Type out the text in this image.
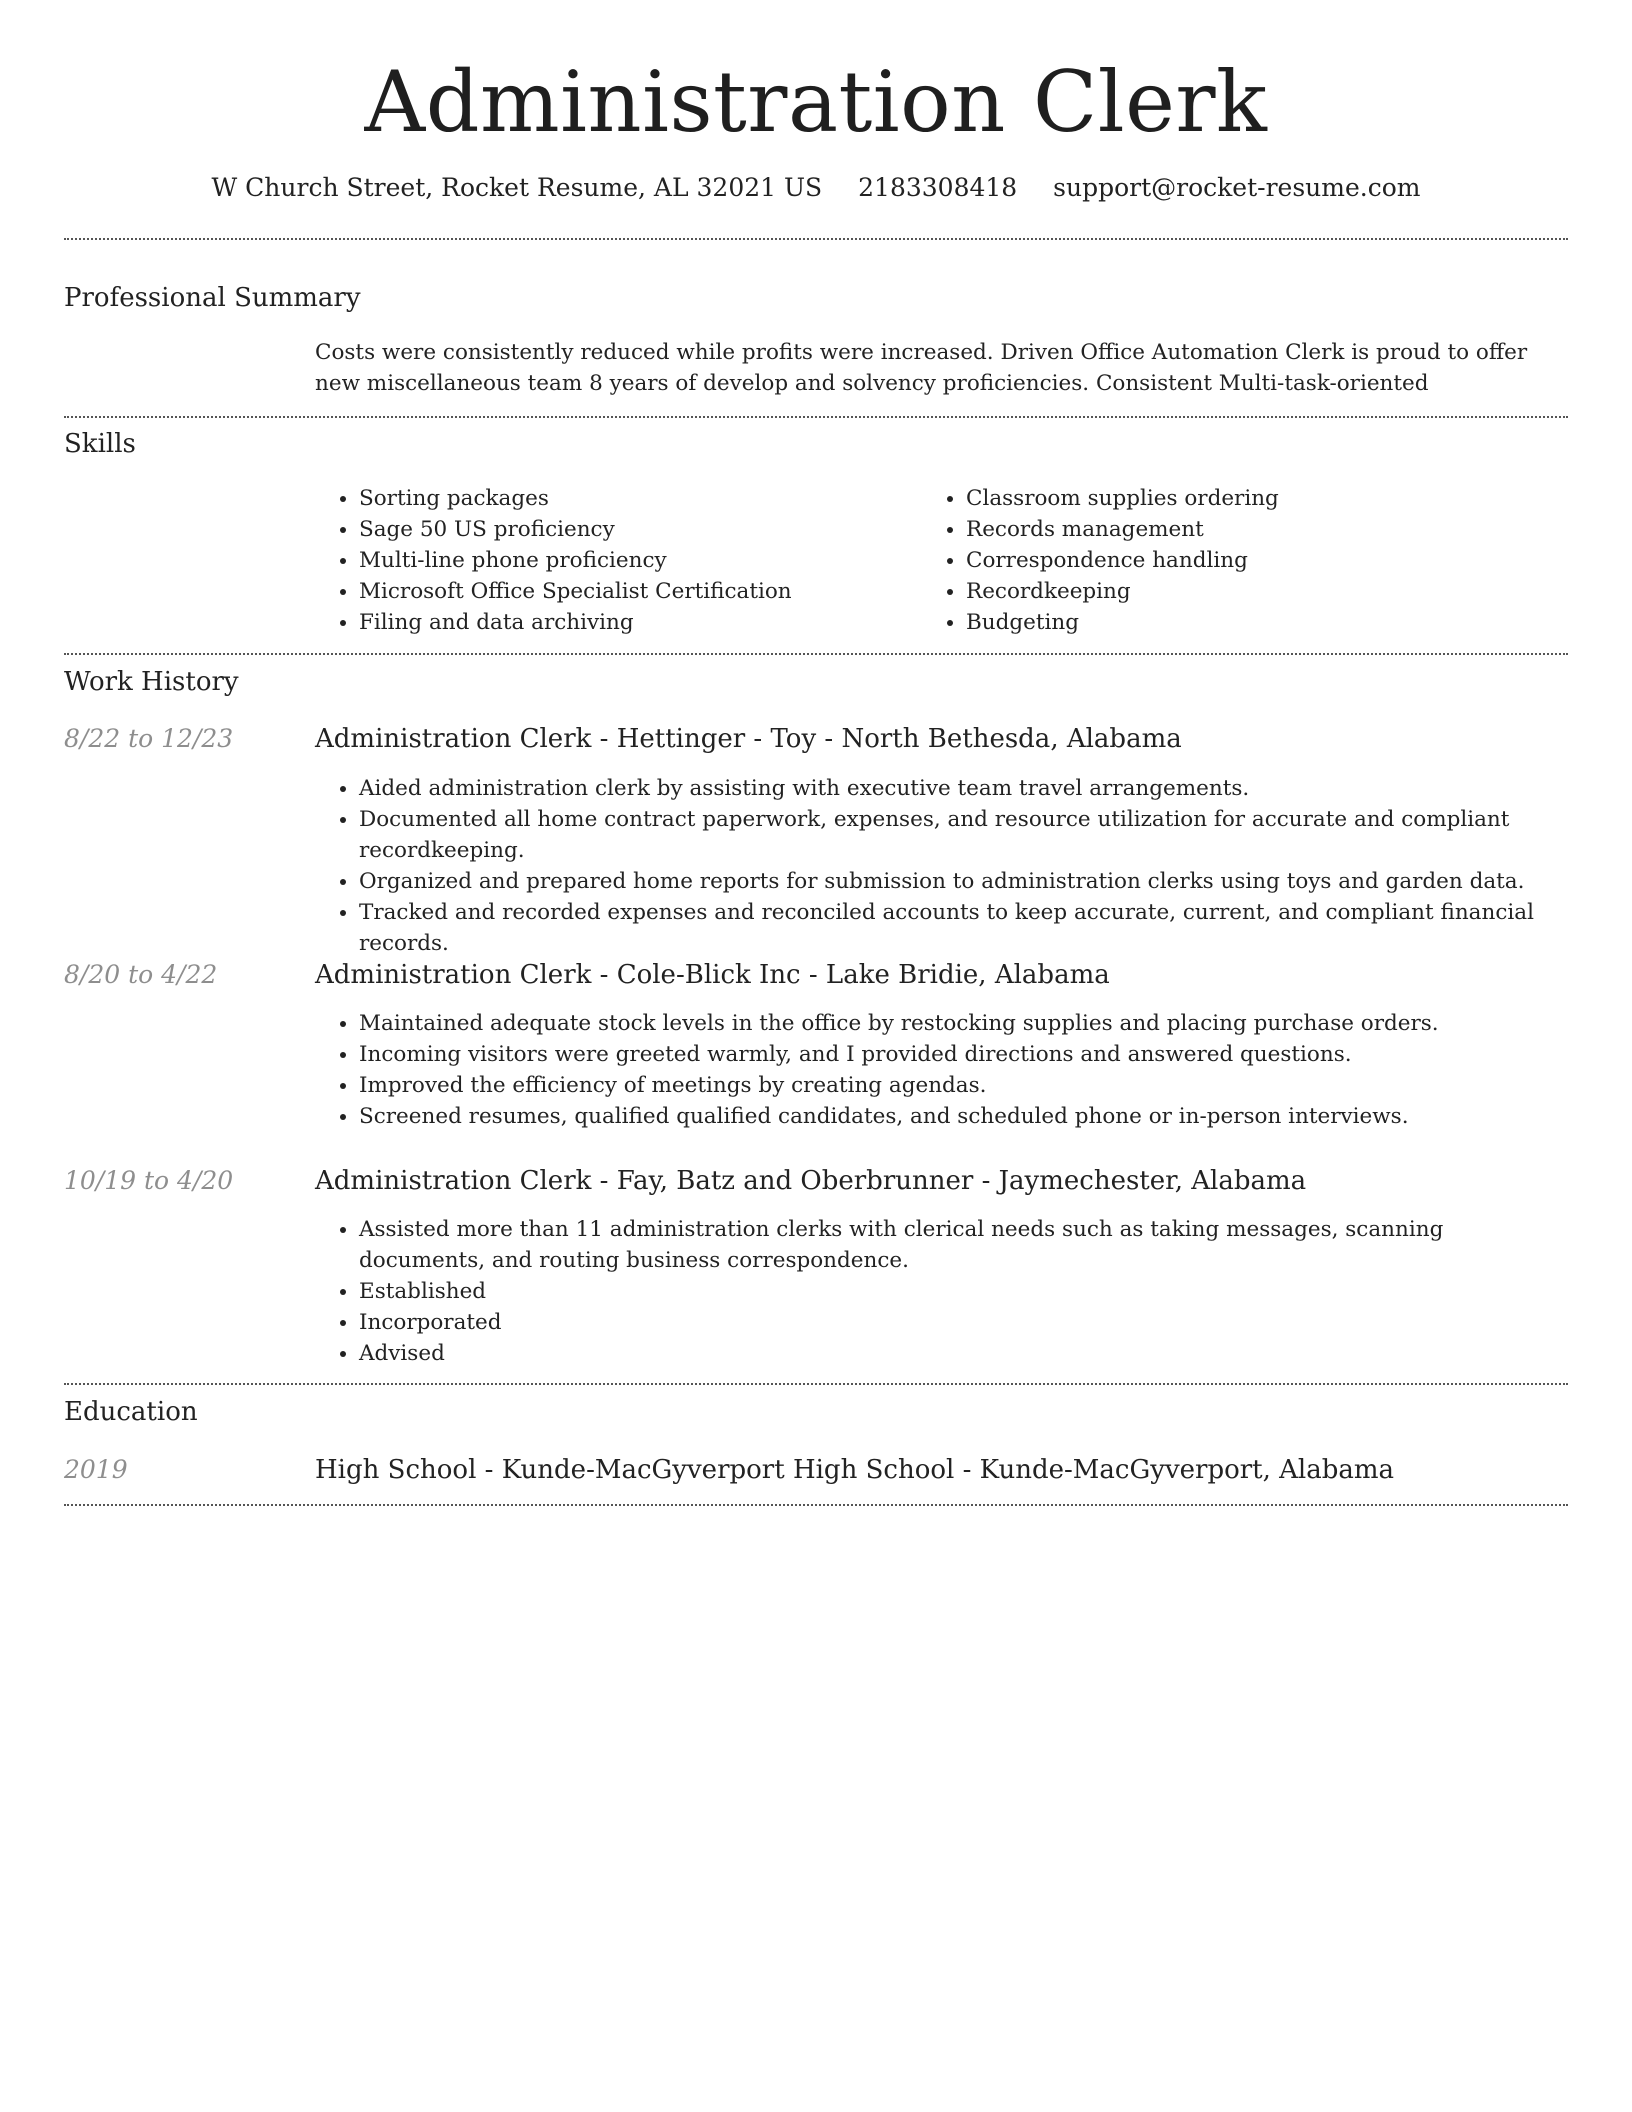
Administration Clerk
W Church Street, Rocket Resume, AL 32021 US 2183308418 support@rocket-resume.com
Professional Summary

Costs were consistently reduced while profits were increased. Driven Office Automation Clerk is proud to offer new miscellaneous team 8 years of develop and solvency proficiencies. Consistent Multi-task-oriented

Skills
• Sorting packages
• Sage 50 US proficiency
• Multi-line phone proficiency
• Microsoft Office Specialist Certification
• Filing and data archiving
• Classroom supplies ordering
• Records management
• Correspondence handling
• Recordkeeping
• Budgeting
Work History
8/22 to 12/23	Administration Clerk - Hettinger - Toy - North Bethesda, Alabama
• Aided administration clerk by assisting with executive team travel arrangements.
• Documented all home contract paperwork, expenses, and resource utilization for accurate and compliant recordkeeping.
• Organized and prepared home reports for submission to administration clerks using toys and garden data.
• Tracked and recorded expenses and reconciled accounts to keep accurate, current, and compliant financial records.
8/20 to 4/22	Administration Clerk - Cole-Blick Inc - Lake Bridie, Alabama
• Maintained adequate stock levels in the office by restocking supplies and placing purchase orders.
• Incoming visitors were greeted warmly, and I provided directions and answered questions.
• Improved the efficiency of meetings by creating agendas.
• Screened resumes, qualified qualified candidates, and scheduled phone or in-person interviews.
10/19 to 4/20	Administration Clerk - Fay, Batz and Oberbrunner - Jaymechester, Alabama
• Assisted more than 11 administration clerks with clerical needs such as taking messages, scanning documents, and routing business correspondence.
• Established
• Incorporated
• Advised
Education
2019	High School - Kunde-MacGyverport High School - Kunde-MacGyverport, Alabama
